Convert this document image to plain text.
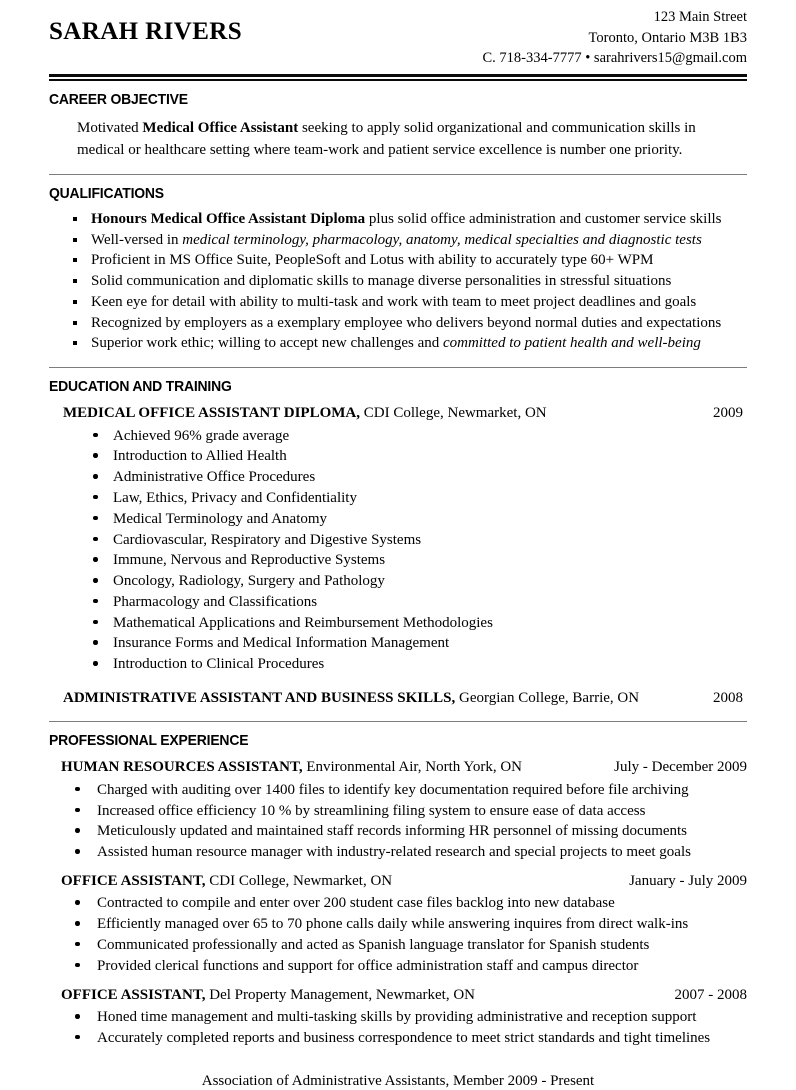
SARAH RIVERS
123 Main Street
Toronto, Ontario M3B 1B3
C. 718-334-7777 • sarahrivers15@gmail.com
CAREER OBJECTIVE

Motivated Medical Office Assistant seeking to apply solid organizational and communication skills in medical or healthcare setting where team-work and patient service excellence is number one priority.

QUALIFICATIONS
Honours Medical Office Assistant Diploma plus solid office administration and customer service skills
Well-versed in medical terminology, pharmacology, anatomy, medical specialties and diagnostic tests
Proficient in MS Office Suite, PeopleSoft and Lotus with ability to accurately type 60+ WPM
Solid communication and diplomatic skills to manage diverse personalities in stressful situations
Keen eye for detail with ability to multi-task and work with team to meet project deadlines and goals
Recognized by employers as a exemplary employee who delivers beyond normal duties and expectations
Superior work ethic; willing to accept new challenges and committed to patient health and well-being
EDUCATION AND TRAINING
MEDICAL OFFICE ASSISTANT DIPLOMA, CDI College, Newmarket, ON	2009
Achieved 96% grade average
Introduction to Allied Health
Administrative Office Procedures
Law, Ethics, Privacy and Confidentiality
Medical Terminology and Anatomy
Cardiovascular, Respiratory and Digestive Systems
Immune, Nervous and Reproductive Systems
Oncology, Radiology, Surgery and Pathology
Pharmacology and Classifications
Mathematical Applications and Reimbursement Methodologies
Insurance Forms and Medical Information Management
Introduction to Clinical Procedures
ADMINISTRATIVE ASSISTANT AND BUSINESS SKILLS, Georgian College, Barrie, ON	2008
PROFESSIONAL EXPERIENCE
HUMAN RESOURCES ASSISTANT, Environmental Air, North York, ON	July - December 2009
Charged with auditing over 1400 files to identify key documentation required before file archiving
Increased office efficiency 10 % by streamlining filing system to ensure ease of data access
Meticulously updated and maintained staff records informing HR personnel of missing documents
Assisted human resource manager with industry-related research and special projects to meet goals
OFFICE ASSISTANT, CDI College, Newmarket, ON	January - July 2009
Contracted to compile and enter over 200 student case files backlog into new database
Efficiently managed over 65 to 70 phone calls daily while answering inquires from direct walk-ins
Communicated professionally and acted as Spanish language translator for Spanish students
Provided clerical functions and support for office administration staff and campus director
OFFICE ASSISTANT, Del Property Management, Newmarket, ON	2007 - 2008
Honed time management and multi-tasking skills by providing administrative and reception support
Accurately completed reports and business correspondence to meet strict standards and tight timelines
Association of Administrative Assistants, Member 2009 - Present
